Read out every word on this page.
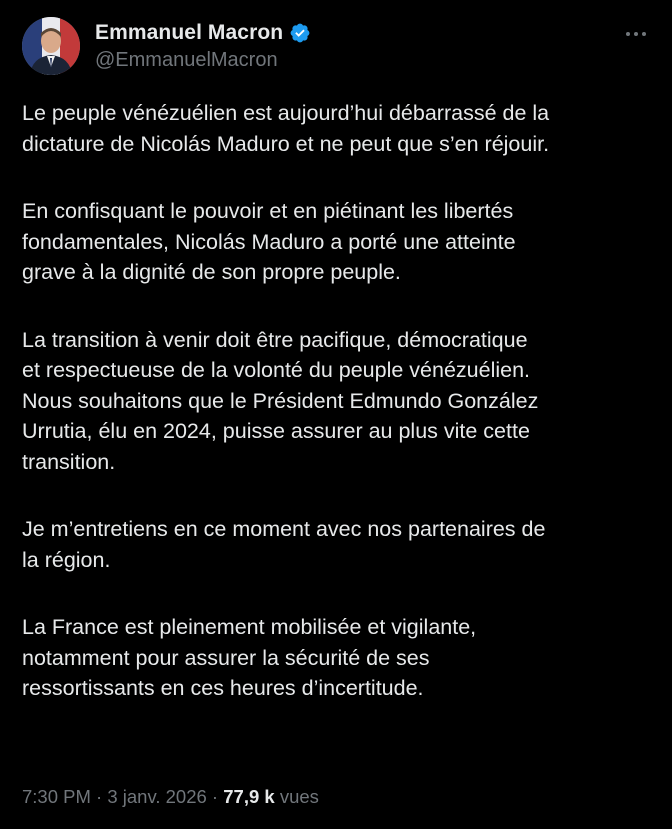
Emmanuel Macron
@EmmanuelMacron

Le peuple vénézuélien est aujourd’hui débarrassé de la
dictature de Nicolás Maduro et ne peut que s’en réjouir.

En confisquant le pouvoir et en piétinant les libertés
fondamentales, Nicolás Maduro a porté une atteinte
grave à la dignité de son propre peuple.

La transition à venir doit être pacifique, démocratique
et respectueuse de la volonté du peuple vénézuélien.
Nous souhaitons que le Président Edmundo González
Urrutia, élu en 2024, puisse assurer au plus vite cette
transition.

Je m’entretiens en ce moment avec nos partenaires de
la région.

La France est pleinement mobilisée et vigilante,
notamment pour assurer la sécurité de ses
ressortissants en ces heures d’incertitude.

7:30 PM · 3 janv. 2026 · 77,9 k vues
